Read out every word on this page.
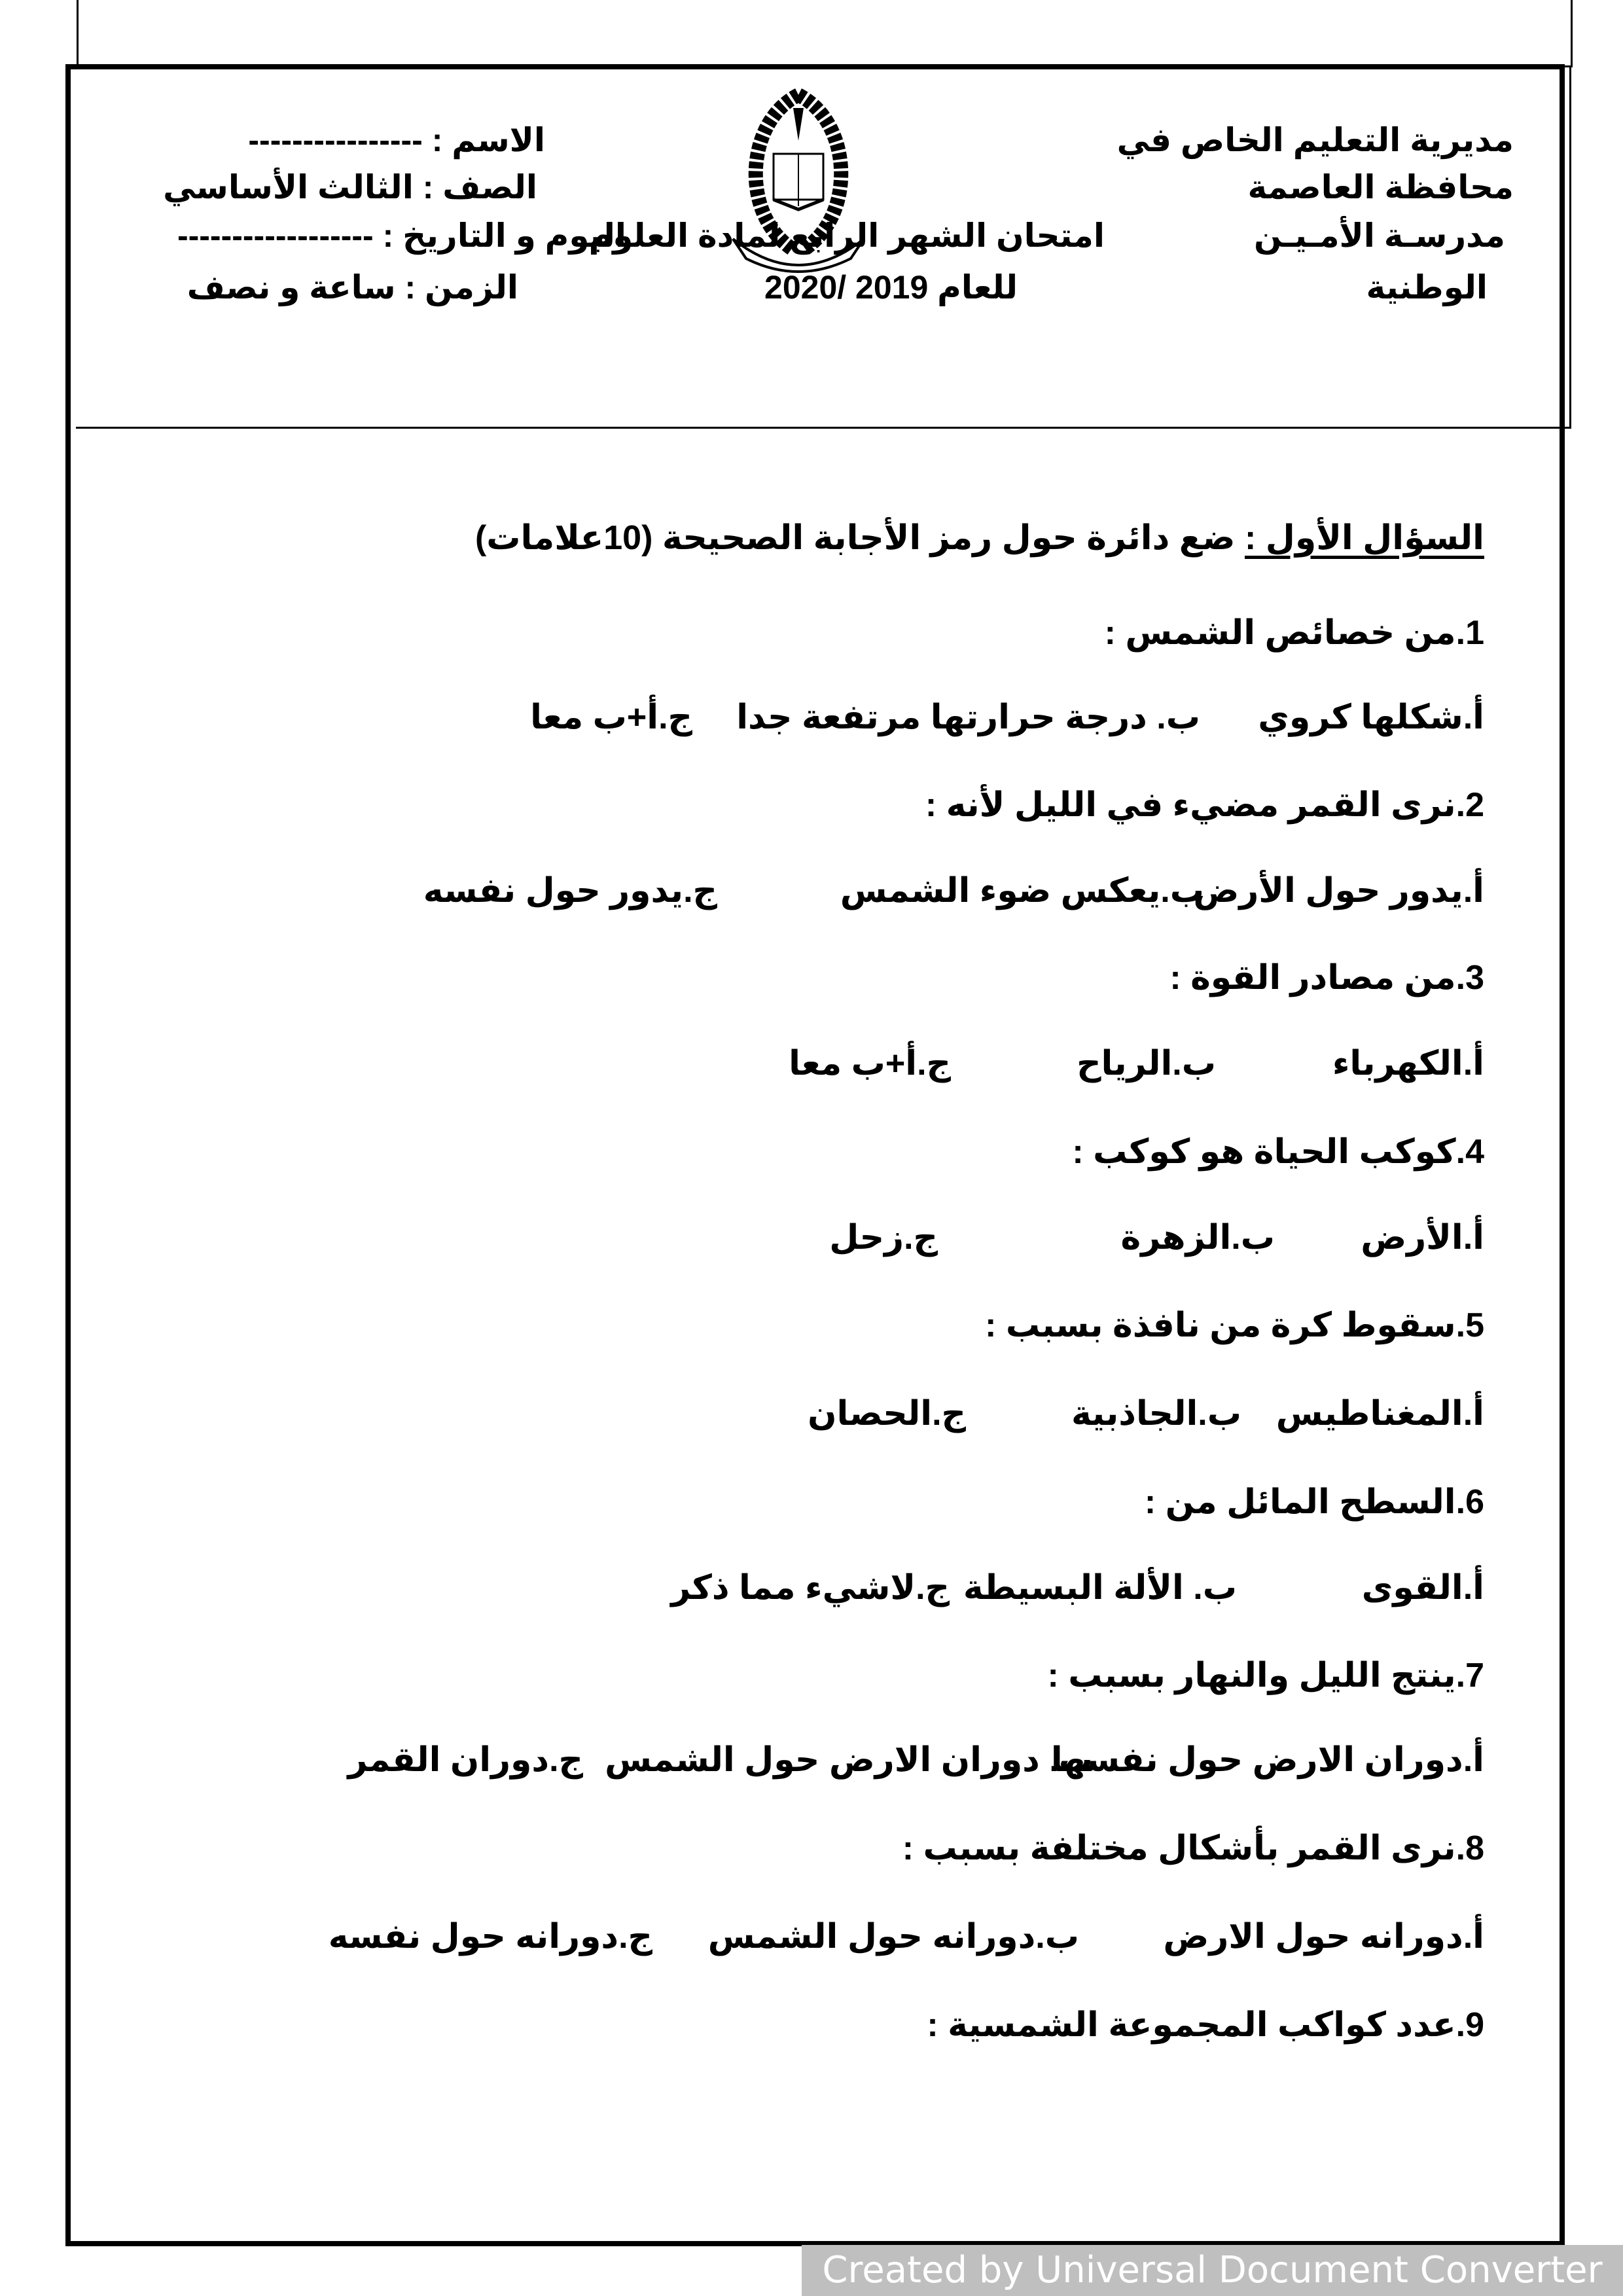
مديرية التعليم الخاص في
محافظة العاصمة
مدرسـة الأمـيـن
الوطنية
امتحان الشهر الرابع لمادة العلوم
للعام 2019 /2020
اليوم و التاريخ : ------------------
الاسم : ----------------
الصف : الثالث الأساسي
الزمن : ساعة و نصف
السؤال الأول : ضع دائرة حول رمز الأجابة الصحيحة (10علامات)
1.من خصائص الشمس :
أ.شكلها كروي
ب. درجة حرارتها مرتفعة جدا
ج.أ+ب معا
2.نرى القمر مضيء في الليل لأنه :
أ.يدور حول الأرض
ب.يعكس ضوء الشمس
ج.يدور حول نفسه
3.من مصادر القوة :
أ.الكهرباء
ب.الرياح
ج.أ+ب معا
4.كوكب الحياة هو كوكب :
أ.الأرض
ب.الزهرة
ج.زحل
5.سقوط كرة من نافذة بسبب :
أ.المغناطيس
ب.الجاذبية
ج.الحصان
6.السطح المائل من :
أ.القوى
ب. الألة البسيطة
ج.لاشيء مما ذكر
7.ينتج الليل والنهار بسبب :
أ.دوران الارض حول نفسها
ب. دوران الارض حول الشمس
ج.دوران القمر
8.نرى القمر بأشكال مختلفة بسبب :
أ.دورانه حول الارض
ب.دورانه حول الشمس
ج.دورانه حول نفسه
9.عدد كواكب المجموعة الشمسية :
Created by Universal Document Converter
